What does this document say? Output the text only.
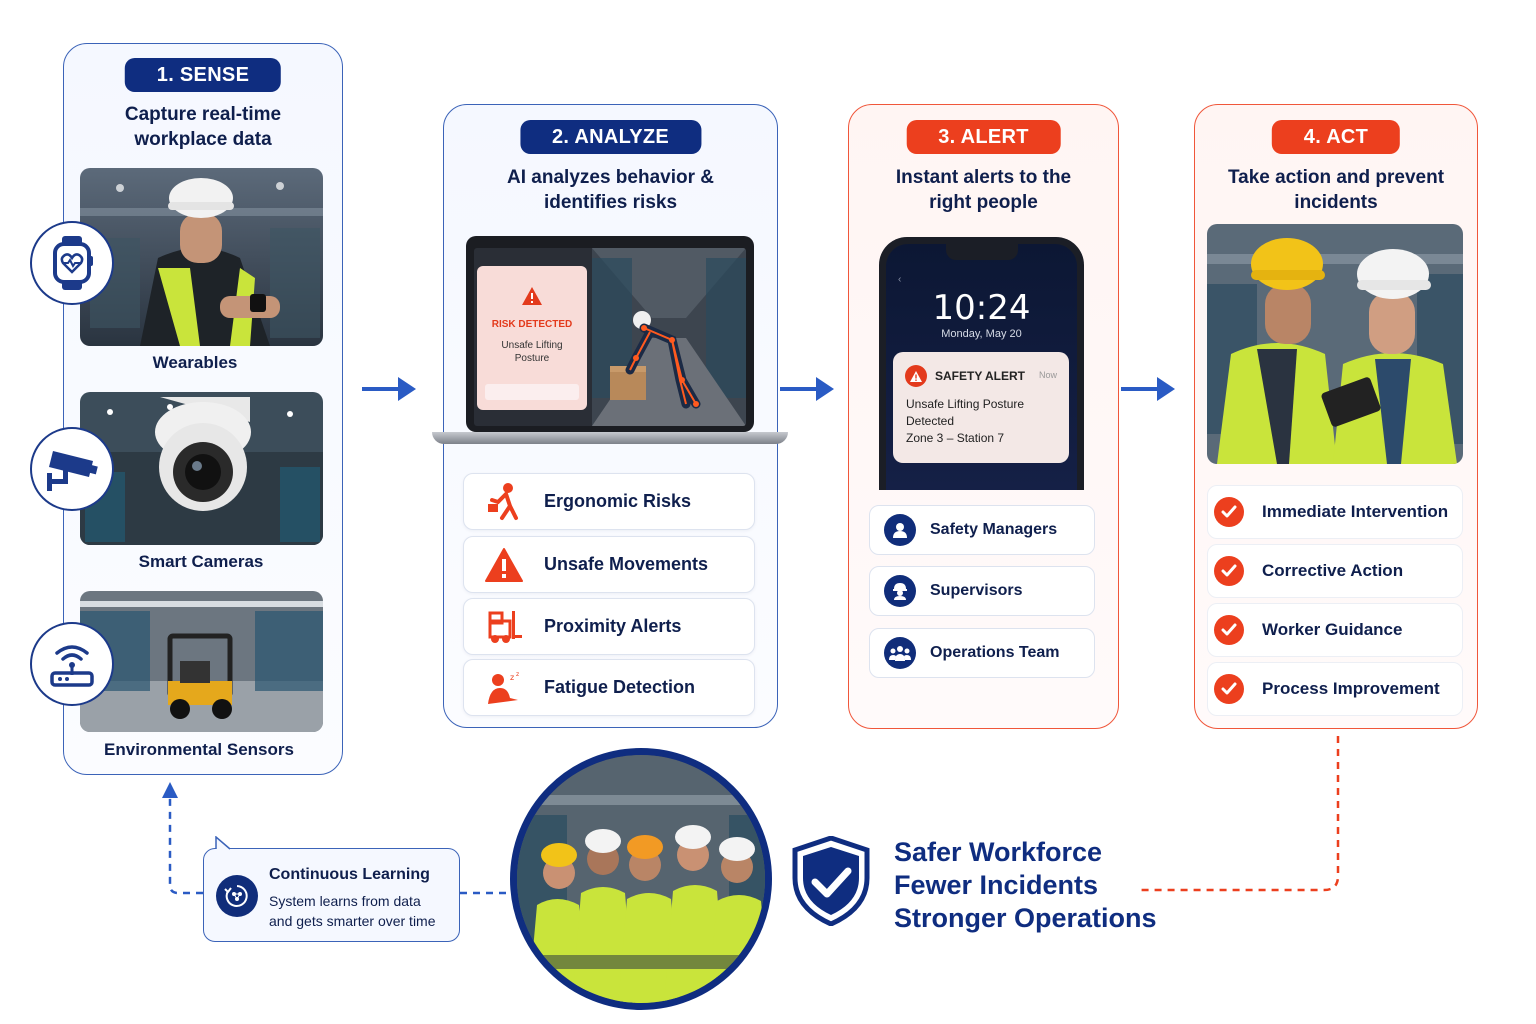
1. SENSE
Capture real-time
workplace data
Wearables
Smart Cameras
Environmental Sensors
2. ANALYZE
AI analyzes behavior &
identifies risks
RISK DETECTED
Unsafe Lifting
Posture
Ergonomic Risks
Unsafe Movements
Proximity Alerts
z z
Fatigue Detection
3. ALERT
Instant alerts to the
right people
‹
10:24
Monday, May 20
SAFETY ALERT Now
Unsafe Lifting Posture
Detected
Zone 3 – Station 7
Safety Managers
Supervisors
Operations Team
4. ACT
Take action and prevent
incidents
Immediate Intervention
Corrective Action
Worker Guidance
Process Improvement
Continuous Learning
System learns from data
and gets smarter over time
Safer Workforce
Fewer Incidents
Stronger Operations
